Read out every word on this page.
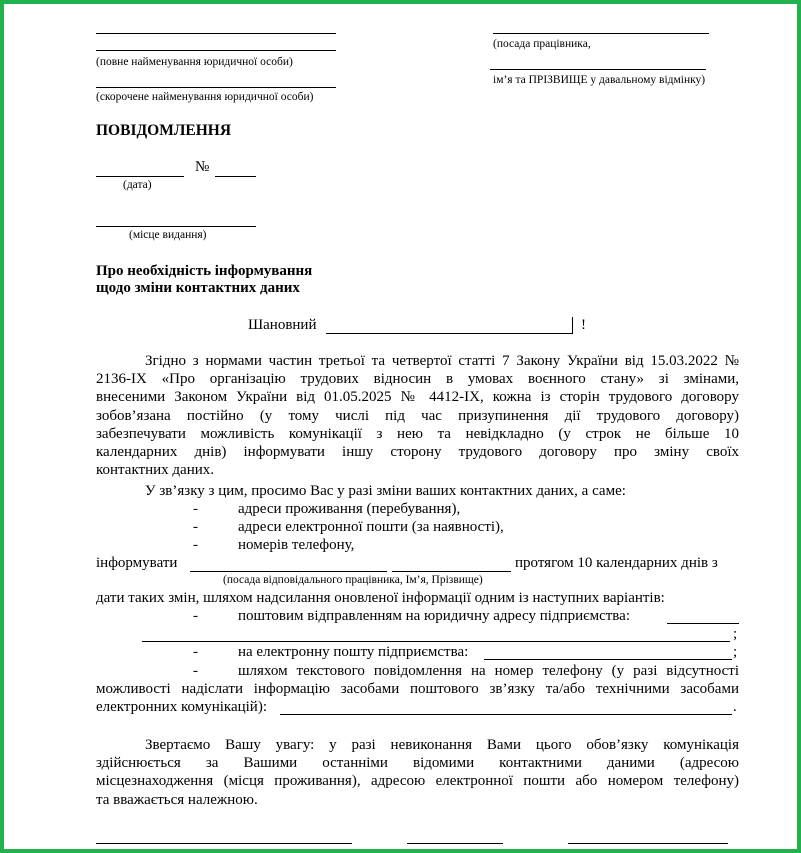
(повне найменування юридичної особи)
(скорочене найменування юридичної особи)
(посада працівника,
ім’я та ПРІЗВИЩЕ у давальному відмінку)
ПОВІДОМЛЕННЯ
№
(дата)
(місце видання)
Про необхідність інформування
щодо зміни контактних даних
Шановний	!
Згідно з нормами частин третьої та четвертої статті 7 Закону України від 15.03.2022 №
2136-IX «Про організацію трудових відносин в умовах воєнного стану» зі змінами,
внесеними Законом України від 01.05.2025 № 4412-IX, кожна із сторін трудового договору
зобов’язана постійно (у тому числі під час призупинення дії трудового договору)
забезпечувати можливість комунікації з нею та невідкладно (у строк не більше 10
календарних днів) інформувати іншу сторону трудового договору про зміну своїх
контактних даних.
У зв’язку з цим, просимо Вас у разі зміни ваших контактних даних, а саме:
-	адреси проживання (перебування),
-	адреси електронної пошти (за наявності),
-	номерів телефону,
інформувати	протягом 10 календарних днів з
(посада відповідального працівника, Ім’я, Прізвище)
дати таких змін, шляхом надсилання оновленої інформації одним із наступних варіантів:
-	поштовим відправленням на юридичну адресу підприємства:
;
-	на електронну пошту підприємства:	;
-	шляхом текстового повідомлення на номер телефону (у разі відсутності
можливості надіслати інформацію засобами поштового зв’язку та/або технічними засобами
електронних комунікацій):	.
Звертаємо Вашу увагу: у разі невиконання Вами цього обов’язку комунікація
здійснюється за Вашими останніми відомими контактними даними (адресою
місцезнаходження (місця проживання), адресою електронної пошти або номером телефону)
та вважається належною.
